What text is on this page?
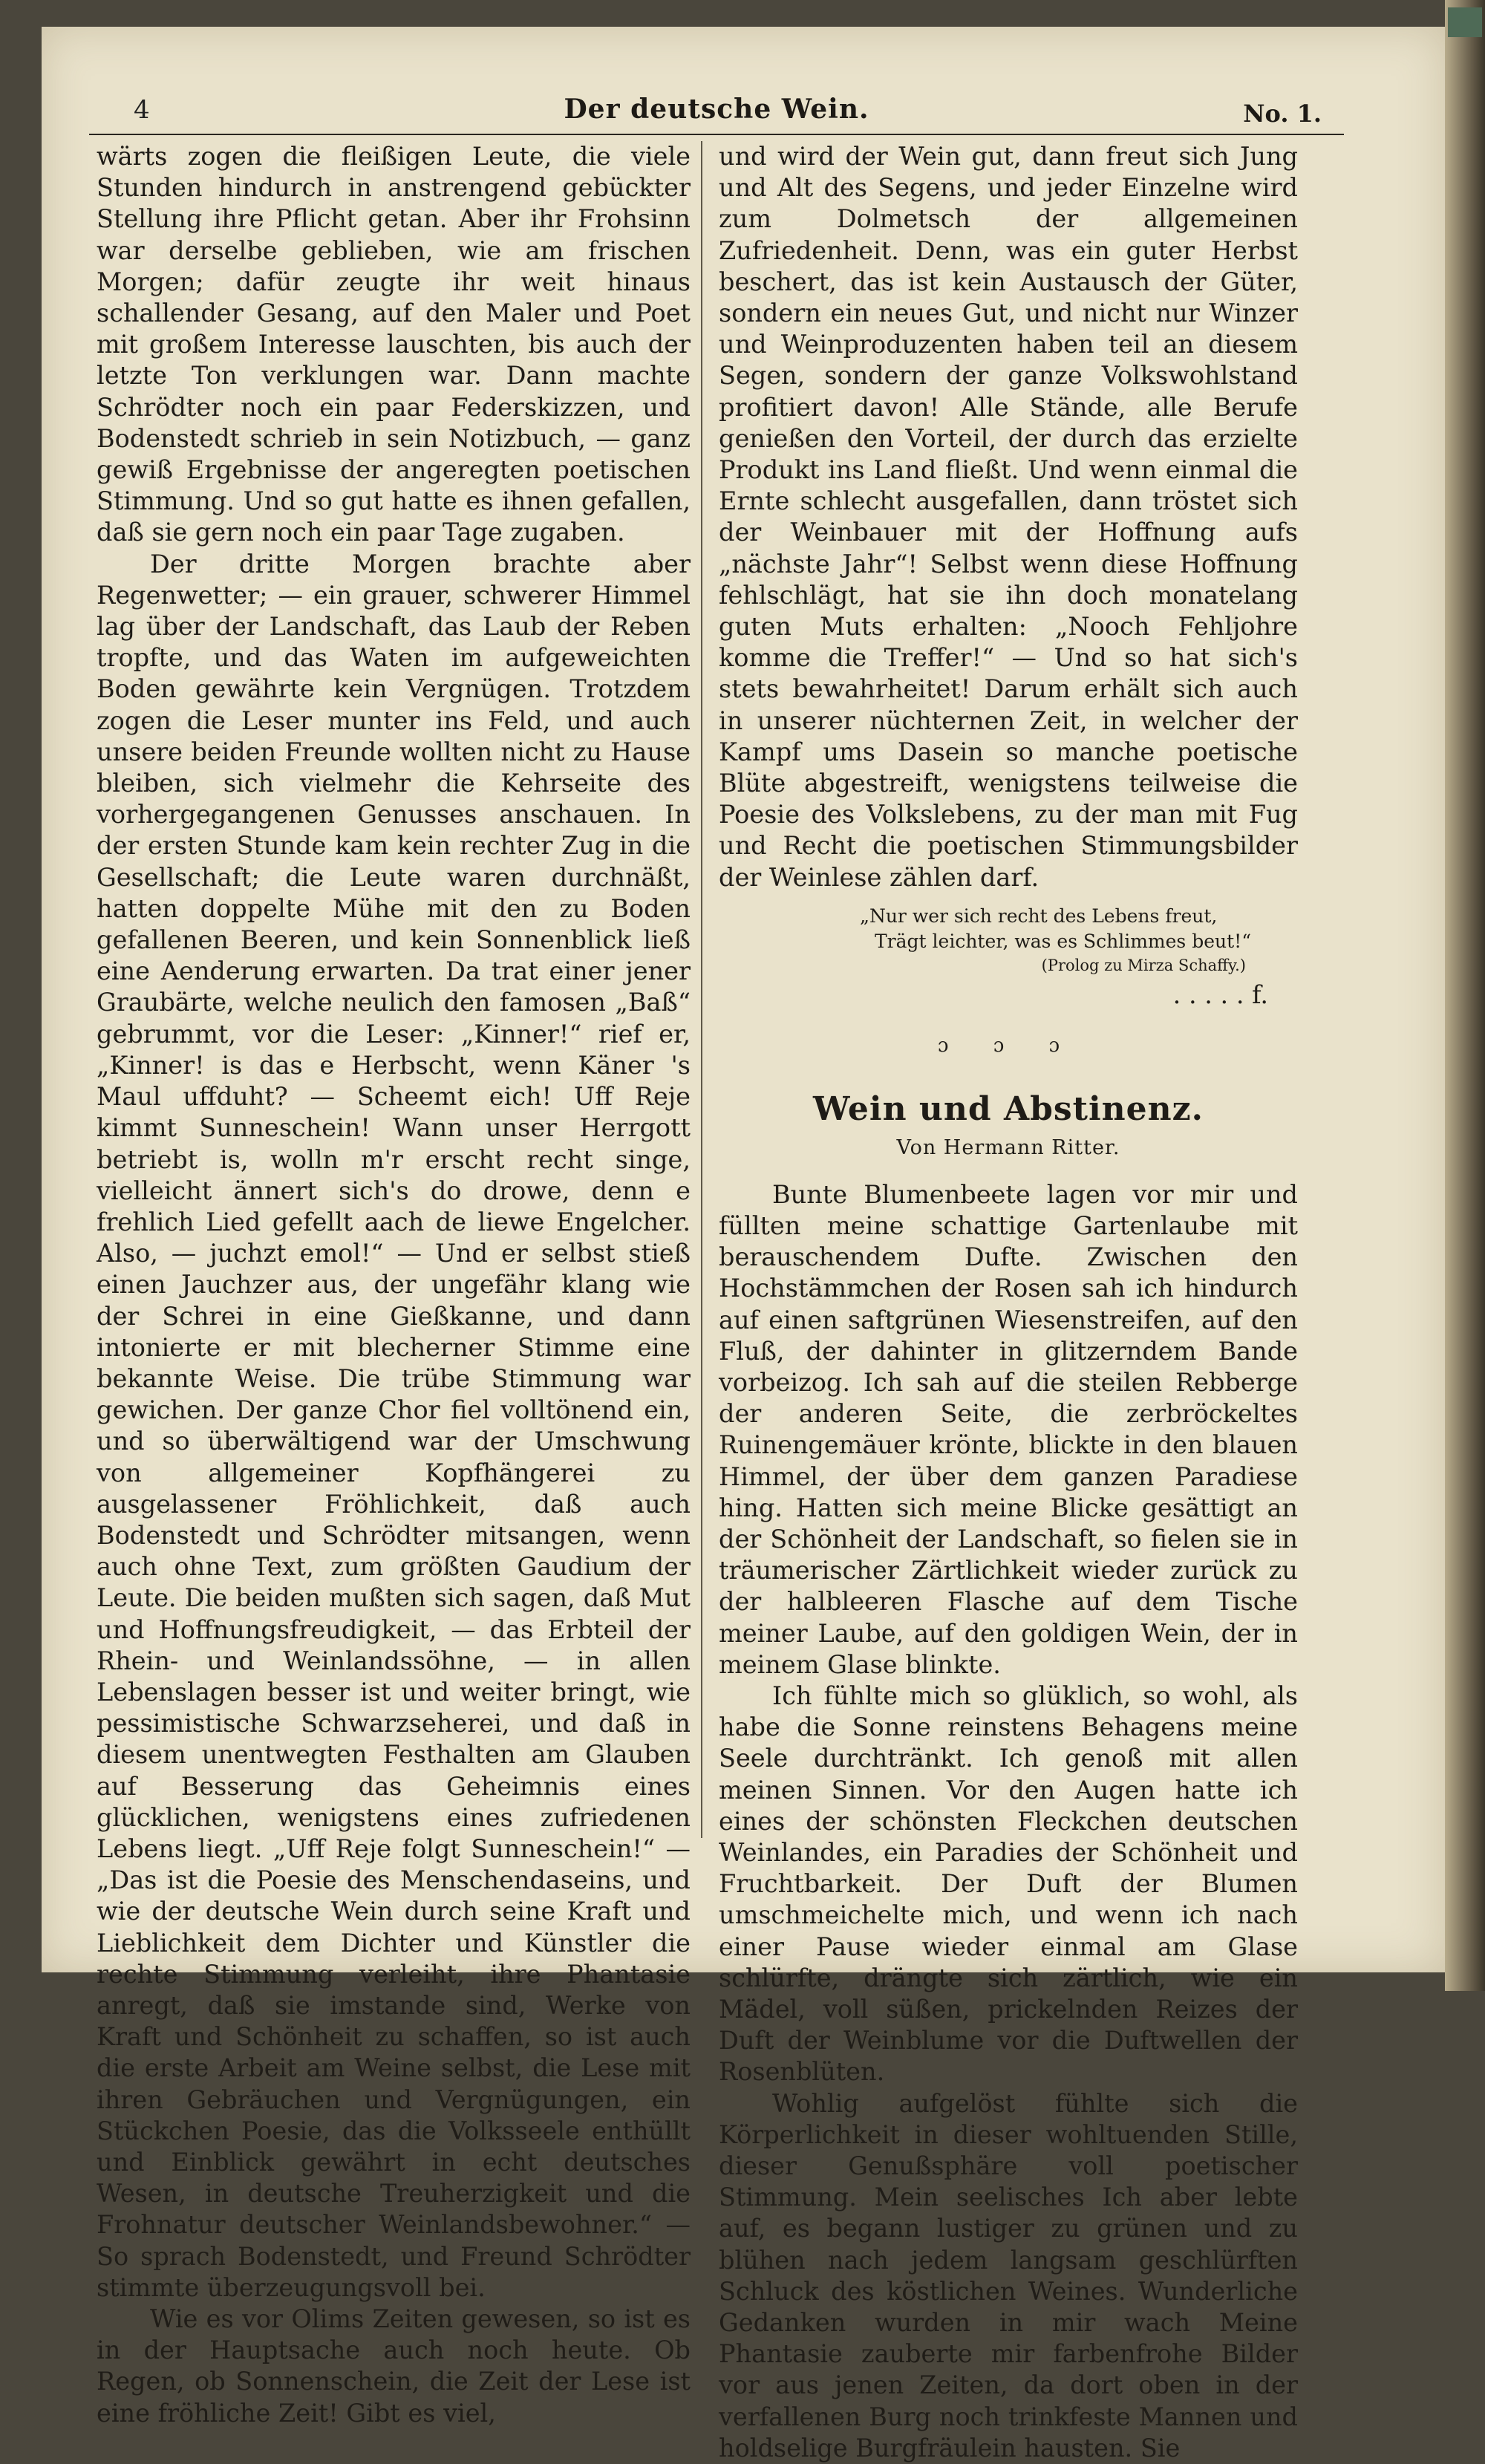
4	Der deutsche Wein.	No. 1.

wärts zogen die fleißigen Leute, die viele Stunden hindurch in anstrengend gebückter Stellung ihre Pflicht getan. Aber ihr Frohsinn war derselbe geblieben, wie am frischen Morgen; dafür zeugte ihr weit hinaus schallender Gesang, auf den Maler und Poet mit großem Interesse lauschten, bis auch der letzte Ton verklungen war. Dann machte Schrödter noch ein paar Federskizzen, und Bodenstedt schrieb in sein Notizbuch, — ganz gewiß Ergebnisse der angeregten poetischen Stimmung. Und so gut hatte es ihnen gefallen, daß sie gern noch ein paar Tage zugaben.

Der dritte Morgen brachte aber Regenwetter; — ein grauer, schwerer Himmel lag über der Landschaft, das Laub der Reben tropfte, und das Waten im aufgeweichten Boden gewährte kein Vergnügen. Trotzdem zogen die Leser munter ins Feld, und auch unsere beiden Freunde wollten nicht zu Hause bleiben, sich vielmehr die Kehrseite des vorhergegangenen Genusses anschauen. In der ersten Stunde kam kein rechter Zug in die Gesellschaft; die Leute waren durchnäßt, hatten doppelte Mühe mit den zu Boden gefallenen Beeren, und kein Sonnenblick ließ eine Aenderung erwarten. Da trat einer jener Graubärte, welche neulich den famosen „Baß“ gebrummt, vor die Leser: „Kinner!“ rief er, „Kinner! is das e Herbscht, wenn Käner 's Maul uffduht? — Scheemt eich! Uff Reje kimmt Sunneschein! Wann unser Herrgott betriebt is, wolln m'r erscht recht singe, vielleicht ännert sich's do drowe, denn e frehlich Lied gefellt aach de liewe Engelcher. Also, — juchzt emol!“ — Und er selbst stieß einen Jauchzer aus, der ungefähr klang wie der Schrei in eine Gießkanne, und dann intonierte er mit blecherner Stimme eine bekannte Weise. Die trübe Stimmung war gewichen. Der ganze Chor fiel volltönend ein, und so überwältigend war der Umschwung von allgemeiner Kopfhängerei zu ausgelassener Fröhlichkeit, daß auch Bodenstedt und Schrödter mitsangen, wenn auch ohne Text, zum größten Gaudium der Leute. Die beiden mußten sich sagen, daß Mut und Hoffnungsfreudigkeit, — das Erbteil der Rhein- und Weinlandssöhne, — in allen Lebenslagen besser ist und weiter bringt, wie pessimistische Schwarzseherei, und daß in diesem unentwegten Festhalten am Glauben auf Besserung das Geheimnis eines glücklichen, wenigstens eines zufriedenen Lebens liegt. „Uff Reje folgt Sunneschein!“ — „Das ist die Poesie des Menschendaseins, und wie der deutsche Wein durch seine Kraft und Lieblichkeit dem Dichter und Künstler die rechte Stimmung verleiht, ihre Phantasie anregt, daß sie imstande sind, Werke von Kraft und Schönheit zu schaffen, so ist auch die erste Arbeit am Weine selbst, die Lese mit ihren Gebräuchen und Vergnügungen, ein Stückchen Poesie, das die Volksseele enthüllt und Einblick gewährt in echt deutsches Wesen, in deutsche Treuherzigkeit und die Frohnatur deutscher Weinlandsbewohner.“ — So sprach Bodenstedt, und Freund Schrödter stimmte überzeugungsvoll bei.

Wie es vor Olims Zeiten gewesen, so ist es in der Hauptsache auch noch heute. Ob Regen, ob Sonnenschein, die Zeit der Lese ist eine fröhliche Zeit! Gibt es viel,

und wird der Wein gut, dann freut sich Jung und Alt des Segens, und jeder Einzelne wird zum Dolmetsch der allgemeinen Zufriedenheit. Denn, was ein guter Herbst beschert, das ist kein Austausch der Güter, sondern ein neues Gut, und nicht nur Winzer und Weinproduzenten haben teil an diesem Segen, sondern der ganze Volkswohlstand profitiert davon! Alle Stände, alle Berufe genießen den Vorteil, der durch das erzielte Produkt ins Land fließt. Und wenn einmal die Ernte schlecht ausgefallen, dann tröstet sich der Weinbauer mit der Hoffnung aufs „nächste Jahr“! Selbst wenn diese Hoffnung fehlschlägt, hat sie ihn doch monatelang guten Muts erhalten: „Nooch Fehljohre komme die Treffer!“ — Und so hat sich's stets bewahrheitet! Darum erhält sich auch in unserer nüchternen Zeit, in welcher der Kampf ums Dasein so manche poetische Blüte abgestreift, wenigstens teilweise die Poesie des Volkslebens, zu der man mit Fug und Recht die poetischen Stimmungsbilder der Weinlese zählen darf.

„Nur wer sich recht des Lebens freut,
Trägt leichter, was es Schlimmes beut!“
(Prolog zu Mirza Schaffy.)
. . . . . f.
ɔ ɔ ɔ
Wein und Abstinenz.
Von Hermann Ritter.

Bunte Blumenbeete lagen vor mir und füllten meine schattige Gartenlaube mit berauschendem Dufte. Zwischen den Hochstämmchen der Rosen sah ich hindurch auf einen saftgrünen Wiesenstreifen, auf den Fluß, der dahinter in glitzerndem Bande vorbeizog. Ich sah auf die steilen Rebberge der anderen Seite, die zerbröckeltes Ruinengemäuer krönte, blickte in den blauen Himmel, der über dem ganzen Paradiese hing. Hatten sich meine Blicke gesättigt an der Schönheit der Landschaft, so fielen sie in träumerischer Zärtlichkeit wieder zurück zu der halbleeren Flasche auf dem Tische meiner Laube, auf den goldigen Wein, der in meinem Glase blinkte.

Ich fühlte mich so glüklich, so wohl, als habe die Sonne reinstens Behagens meine Seele durchtränkt. Ich genoß mit allen meinen Sinnen. Vor den Augen hatte ich eines der schönsten Fleckchen deutschen Weinlandes, ein Paradies der Schönheit und Fruchtbarkeit. Der Duft der Blumen umschmeichelte mich, und wenn ich nach einer Pause wieder einmal am Glase schlürfte, drängte sich zärtlich, wie ein Mädel, voll süßen, prickelnden Reizes der Duft der Weinblume vor die Duftwellen der Rosenblüten.

Wohlig aufgelöst fühlte sich die Körperlichkeit in dieser wohltuenden Stille, dieser Genußsphäre voll poetischer Stimmung. Mein seelisches Ich aber lebte auf, es begann lustiger zu grünen und zu blühen nach jedem langsam geschlürften Schluck des köstlichen Weines. Wunderliche Gedanken wurden in mir wach Meine Phantasie zauberte mir farbenfrohe Bilder vor aus jenen Zeiten, da dort oben in der verfallenen Burg noch trinkfeste Mannen und holdselige Burgfräulein hausten. Sie
